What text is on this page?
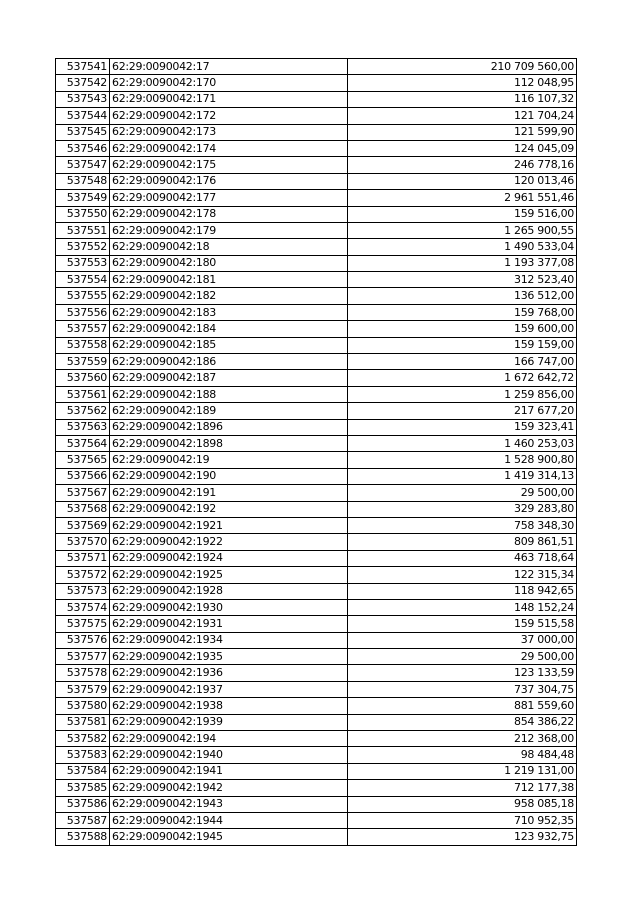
537541	62:29:0090042:17	210 709 560,00
537542	62:29:0090042:170	112 048,95
537543	62:29:0090042:171	116 107,32
537544	62:29:0090042:172	121 704,24
537545	62:29:0090042:173	121 599,90
537546	62:29:0090042:174	124 045,09
537547	62:29:0090042:175	246 778,16
537548	62:29:0090042:176	120 013,46
537549	62:29:0090042:177	2 961 551,46
537550	62:29:0090042:178	159 516,00
537551	62:29:0090042:179	1 265 900,55
537552	62:29:0090042:18	1 490 533,04
537553	62:29:0090042:180	1 193 377,08
537554	62:29:0090042:181	312 523,40
537555	62:29:0090042:182	136 512,00
537556	62:29:0090042:183	159 768,00
537557	62:29:0090042:184	159 600,00
537558	62:29:0090042:185	159 159,00
537559	62:29:0090042:186	166 747,00
537560	62:29:0090042:187	1 672 642,72
537561	62:29:0090042:188	1 259 856,00
537562	62:29:0090042:189	217 677,20
537563	62:29:0090042:1896	159 323,41
537564	62:29:0090042:1898	1 460 253,03
537565	62:29:0090042:19	1 528 900,80
537566	62:29:0090042:190	1 419 314,13
537567	62:29:0090042:191	29 500,00
537568	62:29:0090042:192	329 283,80
537569	62:29:0090042:1921	758 348,30
537570	62:29:0090042:1922	809 861,51
537571	62:29:0090042:1924	463 718,64
537572	62:29:0090042:1925	122 315,34
537573	62:29:0090042:1928	118 942,65
537574	62:29:0090042:1930	148 152,24
537575	62:29:0090042:1931	159 515,58
537576	62:29:0090042:1934	37 000,00
537577	62:29:0090042:1935	29 500,00
537578	62:29:0090042:1936	123 133,59
537579	62:29:0090042:1937	737 304,75
537580	62:29:0090042:1938	881 559,60
537581	62:29:0090042:1939	854 386,22
537582	62:29:0090042:194	212 368,00
537583	62:29:0090042:1940	98 484,48
537584	62:29:0090042:1941	1 219 131,00
537585	62:29:0090042:1942	712 177,38
537586	62:29:0090042:1943	958 085,18
537587	62:29:0090042:1944	710 952,35
537588	62:29:0090042:1945	123 932,75
